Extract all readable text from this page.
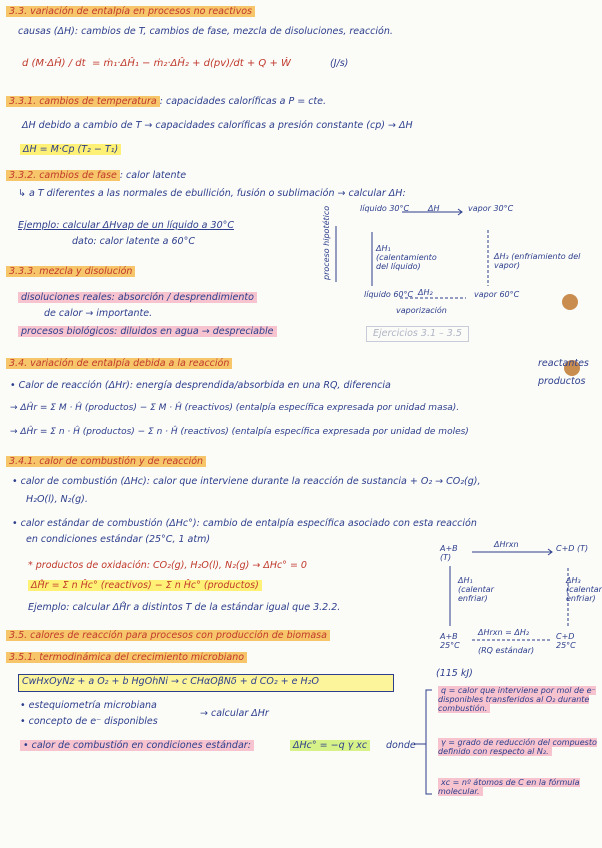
3.3. variación de entalpía en procesos no reactivos
causas (ΔH): cambios de T, cambios de fase, mezcla de disoluciones, reacción.
d (M·ΔĤ) / dt = ṁ₁·ΔĤ₁ − ṁ₂·ΔĤ₂ + d(pv)/dt + Q + Ẇ	(J/s)
3.3.1. cambios de temperatura : capacidades caloríficas a P = cte.
ΔH debido a cambio de T → capacidades caloríficas a presión constante (cp) → ΔH
ΔH = M·Cp (T₂ − T₁)
3.3.2. cambios de fase : calor latente
↳ a T diferentes a las normales de ebullición, fusión o sublimación → calcular ΔH:
Ejemplo: calcular ΔHvap de un líquido a 30°C
dato: calor latente a 60°C
3.3.3. mezcla y disolución
disoluciones reales: absorción / desprendimiento
de calor → importante.
procesos biológicos: diluidos en agua → despreciable	Ejercicios 3.1 – 3.5
líquido 30°C	vapor 30°C
ΔH
ΔH₁ (calentamiento del líquido)
ΔH₃ (enfriamiento del vapor)
líquido 60°C	vapor 60°C
ΔH₂
vaporización
proceso hipotético
3.4. variación de entalpía debida a la reacción
• Calor de reacción (ΔHr): energía desprendida/absorbida en una RQ, diferencia
reactantes
productos
→ ΔĤr = Σ M · Ĥ (productos) − Σ M · Ĥ (reactivos) (entalpía específica expresada por unidad masa).
→ ΔĤr = Σ n · Ĥ (productos) − Σ n · Ĥ (reactivos) (entalpía específica expresada por unidad de moles)
3.4.1. calor de combustión y de reacción
• calor de combustión (ΔHc): calor que interviene durante la reacción de sustancia + O₂ → CO₂(g),
H₂O(l), N₂(g).
• calor estándar de combustión (ΔHc°): cambio de entalpía específica asociado con esta reacción
en condiciones estándar (25°C, 1 atm)
* productos de oxidación: CO₂(g), H₂O(l), N₂(g) → ΔHc° = 0
ΔH̊r = Σ n Ĥc° (reactivos) − Σ n Ĥc° (productos)
Ejemplo: calcular ΔH̊r a distintos T de la estándar igual que 3.2.2.
A+B (T)
C+D (T)
ΔHrxn
ΔH₁ (calentar enfriar)
ΔH₃ (calentar enfriar)
A+B 25°C
C+D 25°C
ΔHrxn = ΔH₂
(RQ estándar)
3.5. calores de reacción para procesos con producción de biomasa
3.5.1. termodinámica del crecimiento microbiano
CwHxOyNz + a O₂ + b HgOhNi → c CHαOβNδ + d CO₂ + e H₂O
• estequiometría microbiana
• concepto de e⁻ disponibles
→ calcular ΔHr
• calor de combustión en condiciones estándar:	ΔHc° = −q γ xc	donde
(115 kJ)
q = calor que interviene por mol de e⁻ disponibles transferidos al O₂ durante combustión.
γ = grado de reducción del compuesto definido con respecto al N₂.
xc = nº átomos de C en la fórmula molecular.
